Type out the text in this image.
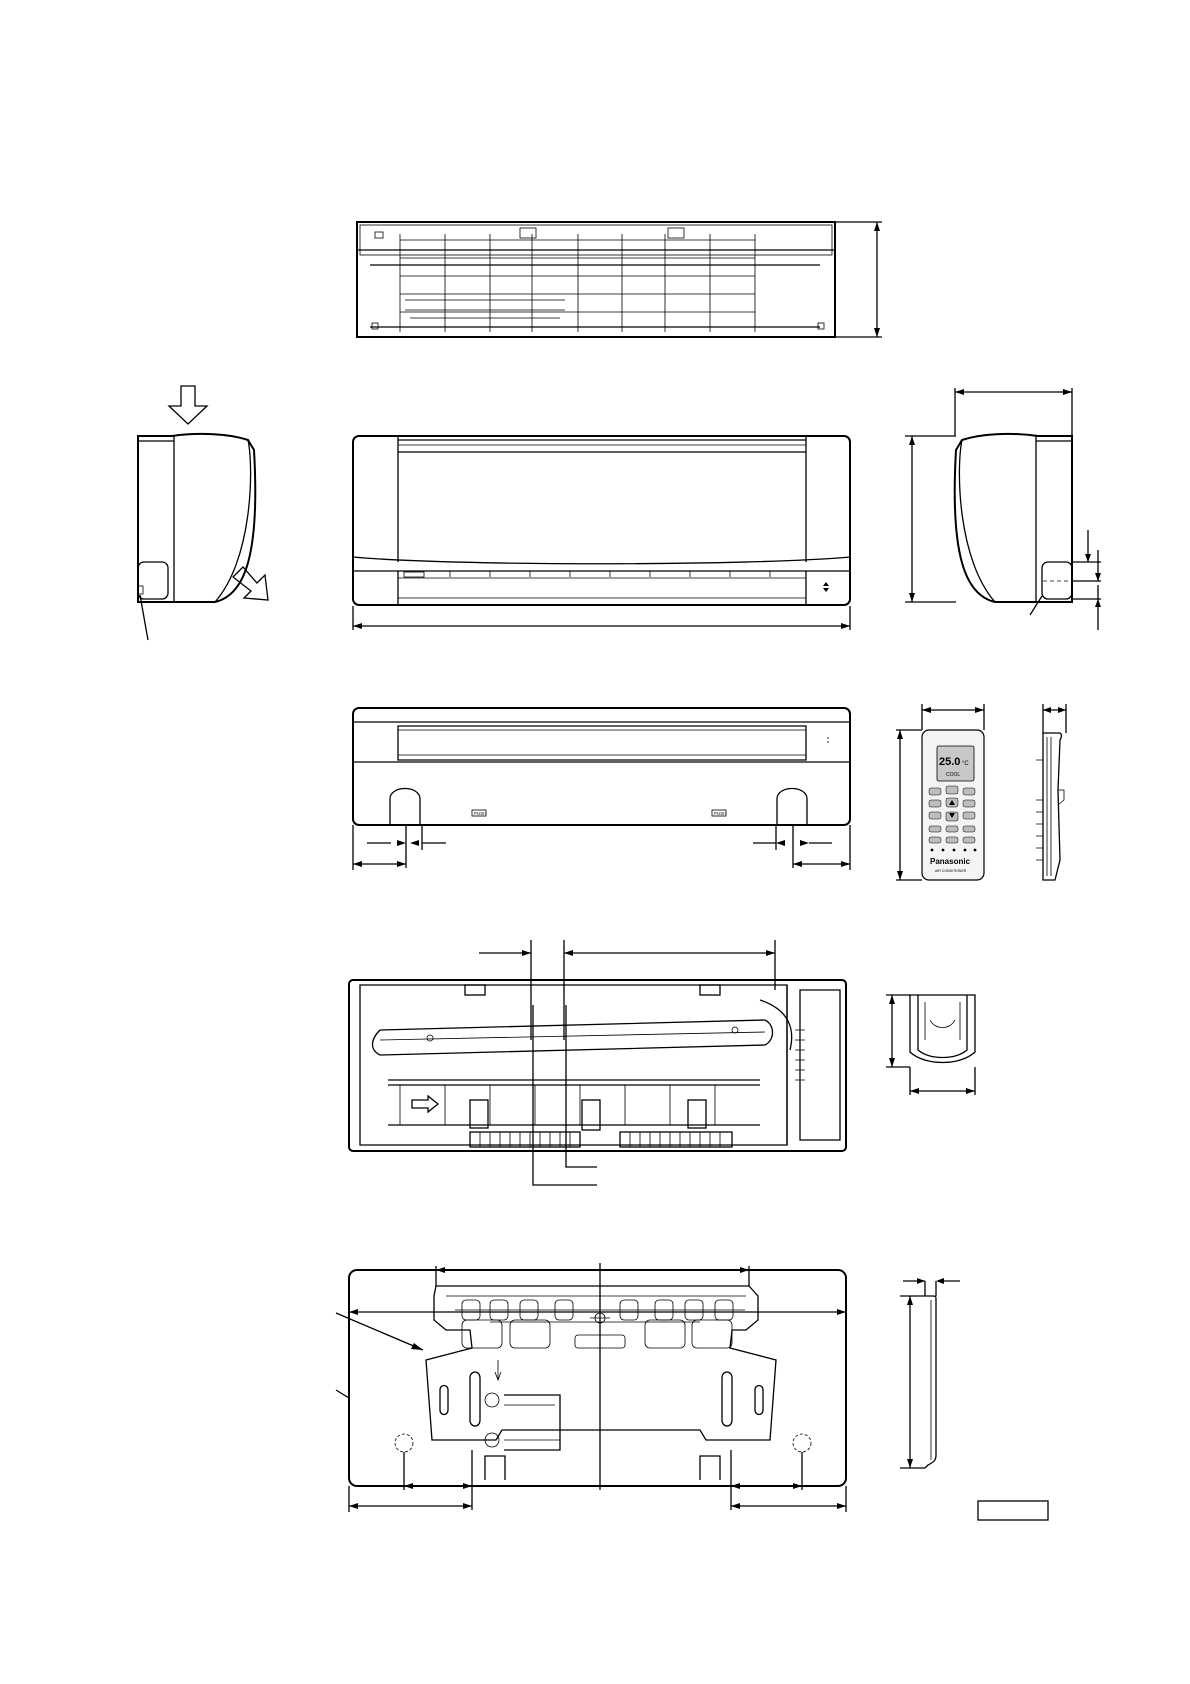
PUSH	PUSH
25.0 °C
COOL
Panasonic
AIR CONDITIONER
